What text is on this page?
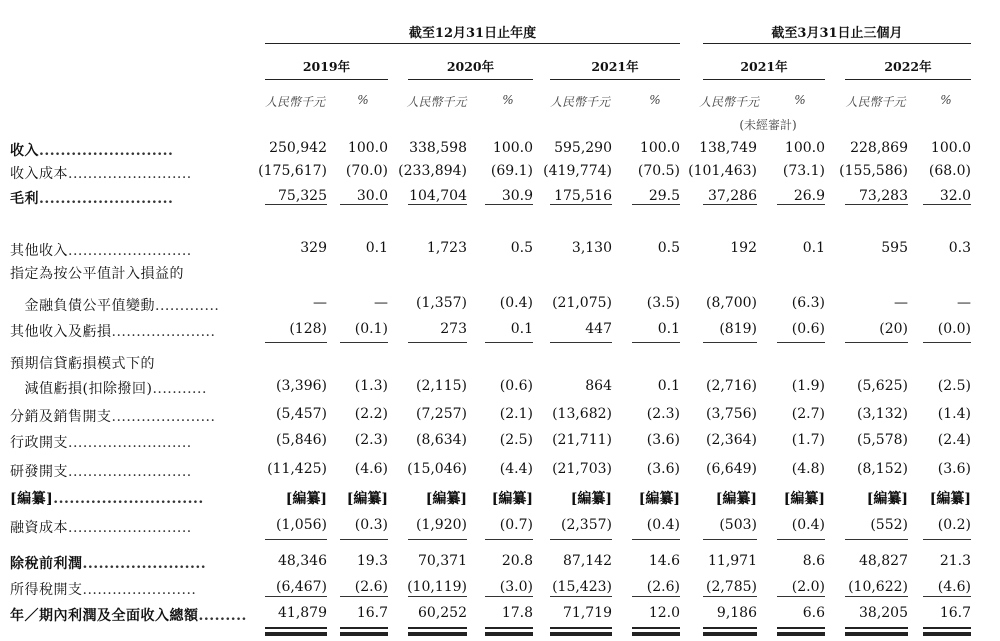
截至12月31日止年度	截至3月31日止三個月
2019年
人民幣千元	%
2020年
人民幣千元	%
2021年
人民幣千元	%
2021年
人民幣千元	%
2022年
人民幣千元	%
(未經審計)
收入.........................	250,942	100.0	338,598	100.0	595,290	100.0	138,749	100.0	228,869	100.0
收入成本.........................	(175,617)	(70.0) (233,894)	(69.1) (419,774)	(70.5) (101,463)	(73.1)	(155,586)	(68.0)
毛利.........................	75,325	30.0	104,704	30.9	175,516	29.5	37,286	26.9	73,283	32.0
其他收入.........................	329	0.1	1,723	0.5	3,130	0.5	192	0.1	595	0.3
指定為按公平值計入損益的
　金融負債公平值變動.............	—	—	(1,357)	(0.4)	(21,075)	(3.5)	(8,700)	(6.3)	—	—
其他收入及虧損.....................	(128)	(0.1)	273	0.1	447	0.1	(819)	(0.6)	(20)	(0.0)
預期信貸虧損模式下的
　減值虧損(扣除撥回)...........	(3,396)	(1.3)	(2,115)	(0.6)	864	0.1	(2,716)	(1.9)	(5,625)	(2.5)
分銷及銷售開支.....................	(5,457)	(2.2)	(7,257)	(2.1)	(13,682)	(2.3)	(3,756)	(2.7)	(3,132)	(1.4)
行政開支.........................	(5,846)	(2.3)	(8,634)	(2.5)	(21,711)	(3.6)	(2,364)	(1.7)	(5,578)	(2.4)
研發開支.........................	(11,425)	(4.6)	(15,046)	(4.4)	(21,703)	(3.6)	(6,649)	(4.8)	(8,152)	(3.6)
[編纂]............................	[編纂]	[編纂]	[編纂]	[編纂]	[編纂]	[編纂]	[編纂]	[編纂]	[編纂]	[編纂]
融資成本.........................	(1,056)	(0.3)	(1,920)	(0.7)	(2,357)	(0.4)	(503)	(0.4)	(552)	(0.2)
除稅前利潤.......................	48,346	19.3	70,371	20.8	87,142	14.6	11,971	8.6	48,827	21.3
所得稅開支.......................	(6,467)	(2.6)	(10,119)	(3.0)	(15,423)	(2.6)	(2,785)	(2.0)	(10,622)	(4.6)
年／期內利潤及全面收入總額.........	41,879	16.7	60,252	17.8	71,719	12.0	9,186	6.6	38,205	16.7
